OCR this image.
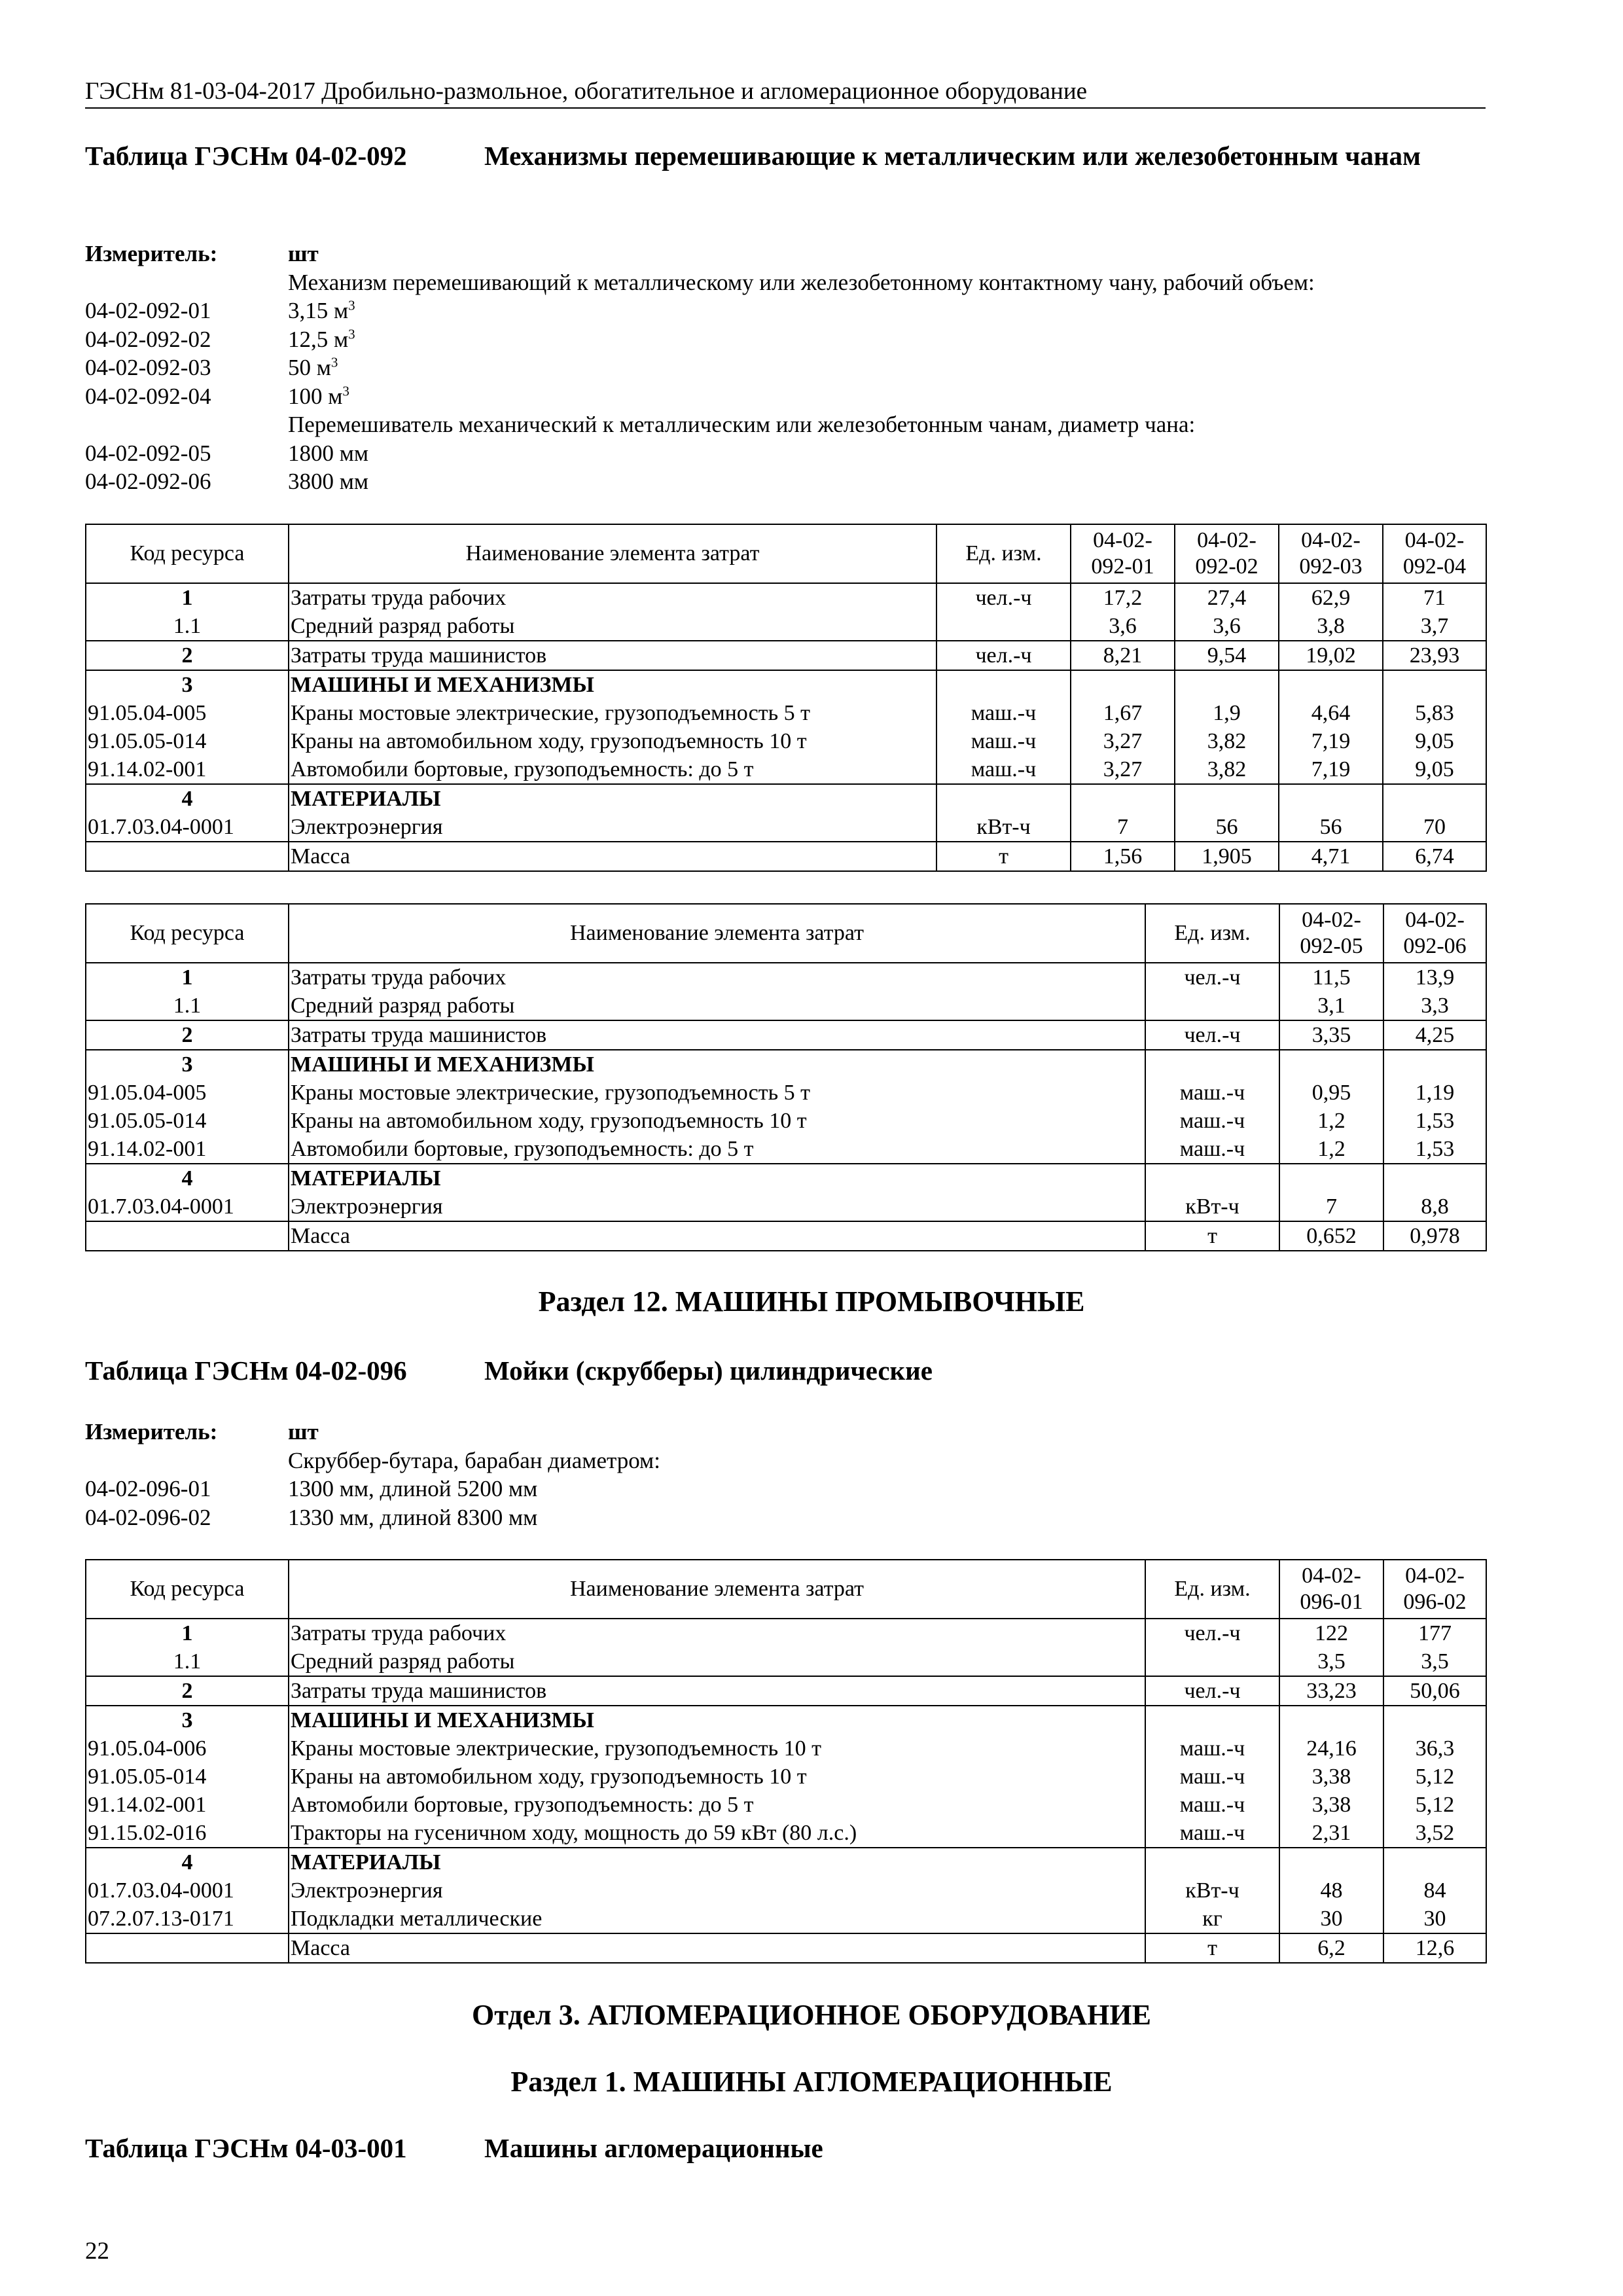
ГЭСНм 81-03-04-2017 Дробильно-размольное, обогатительное и агломерационное оборудование
Таблица ГЭСНм 04-02-092	Механизмы перемешивающие к металлическим или железобетонным чанам
Измеритель:	шт
Механизм перемешивающий к металлическому или железобетонному контактному чану, рабочий объем:
04-02-092-01	3,15 $м^3$
04-02-092-02	12,5 $м^3$
04-02-092-03	50 $м^3$
04-02-092-04	100 $м^3$
Перемешиватель механический к металлическим или железобетонным чанам, диаметр чана:
04-02-092-05	1800 мм
04-02-092-06	3800 мм
Код ресурса	Наименование элемента затрат	Ед. изм.	04-02-092-01	04-02-092-02	04-02-092-03	04-02-092-04
1	Затраты труда рабочих	чел.-ч	17,2	27,4	62,9	71
1.1	Средний разряд работы		3,6	3,6	3,8	3,7
2	Затраты труда машинистов	чел.-ч	8,21	9,54	19,02	23,93
3	МАШИНЫ И МЕХАНИЗМЫ					
91.05.04-005	Краны мостовые электрические, грузоподъемность 5 т	маш.-ч	1,67	1,9	4,64	5,83
91.05.05-014	Краны на автомобильном ходу, грузоподъемность 10 т	маш.-ч	3,27	3,82	7,19	9,05
91.14.02-001	Автомобили бортовые, грузоподъемность: до 5 т	маш.-ч	3,27	3,82	7,19	9,05
4	МАТЕРИАЛЫ					
01.7.03.04-0001	Электроэнергия	кВт-ч	7	56	56	70
	Масса	т	1,56	1,905	4,71	6,74
Код ресурса	Наименование элемента затрат	Ед. изм.	04-02-092-05	04-02-092-06
1	Затраты труда рабочих	чел.-ч	11,5	13,9
1.1	Средний разряд работы		3,1	3,3
2	Затраты труда машинистов	чел.-ч	3,35	4,25
3	МАШИНЫ И МЕХАНИЗМЫ			
91.05.04-005	Краны мостовые электрические, грузоподъемность 5 т	маш.-ч	0,95	1,19
91.05.05-014	Краны на автомобильном ходу, грузоподъемность 10 т	маш.-ч	1,2	1,53
91.14.02-001	Автомобили бортовые, грузоподъемность: до 5 т	маш.-ч	1,2	1,53
4	МАТЕРИАЛЫ			
01.7.03.04-0001	Электроэнергия	кВт-ч	7	8,8
	Масса	т	0,652	0,978
Раздел 12. МАШИНЫ ПРОМЫВОЧНЫЕ
Таблица ГЭСНм 04-02-096	Мойки (скрубберы) цилиндрические
Измеритель:	шт
Скруббер-бутара, барабан диаметром:
04-02-096-01	1300 мм, длиной 5200 мм
04-02-096-02	1330 мм, длиной 8300 мм
Код ресурса	Наименование элемента затрат	Ед. изм.	04-02-096-01	04-02-096-02
1	Затраты труда рабочих	чел.-ч	122	177
1.1	Средний разряд работы		3,5	3,5
2	Затраты труда машинистов	чел.-ч	33,23	50,06
3	МАШИНЫ И МЕХАНИЗМЫ			
91.05.04-006	Краны мостовые электрические, грузоподъемность 10 т	маш.-ч	24,16	36,3
91.05.05-014	Краны на автомобильном ходу, грузоподъемность 10 т	маш.-ч	3,38	5,12
91.14.02-001	Автомобили бортовые, грузоподъемность: до 5 т	маш.-ч	3,38	5,12
91.15.02-016	Тракторы на гусеничном ходу, мощность до 59 кВт (80 л.с.)	маш.-ч	2,31	3,52
4	МАТЕРИАЛЫ			
01.7.03.04-0001	Электроэнергия	кВт-ч	48	84
07.2.07.13-0171	Подкладки металлические	кг	30	30
	Масса	т	6,2	12,6
Отдел 3. АГЛОМЕРАЦИОННОЕ ОБОРУДОВАНИЕ
Раздел 1. МАШИНЫ АГЛОМЕРАЦИОННЫЕ
Таблица ГЭСНм 04-03-001	Машины агломерационные
22
